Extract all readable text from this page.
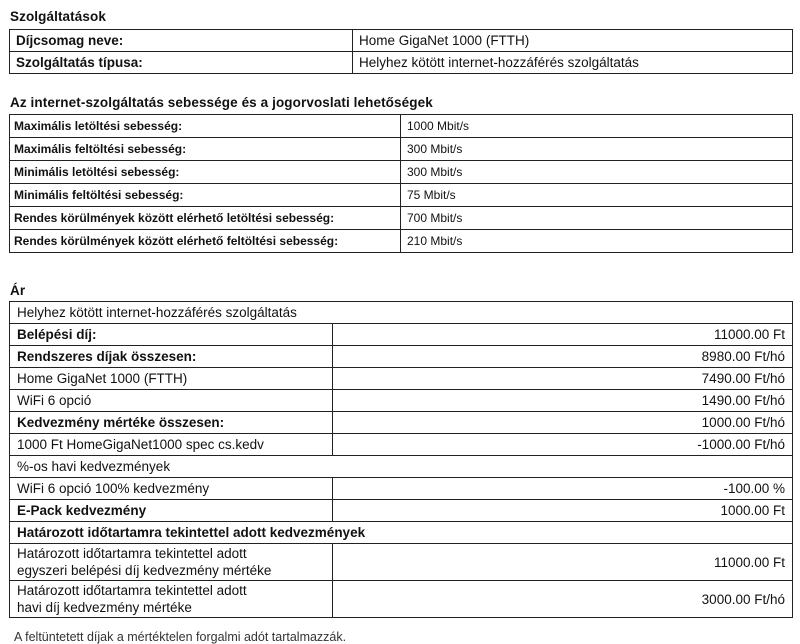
Szolgáltatások
Díjcsomag neve:	Home GigaNet 1000 (FTTH)
Szolgáltatás típusa:	Helyhez kötött internet-hozzáférés szolgáltatás
Az internet-szolgáltatás sebessége és a jogorvoslati lehetőségek
Maximális letöltési sebesség:	1000 Mbit/s
Maximális feltöltési sebesség:	300 Mbit/s
Minimális letöltési sebesség:	300 Mbit/s
Minimális feltöltési sebesség:	75 Mbit/s
Rendes körülmények között elérhető letöltési sebesség:	700 Mbit/s
Rendes körülmények között elérhető feltöltési sebesség:	210 Mbit/s
Ár
Helyhez kötött internet-hozzáférés szolgáltatás	
Belépési díj:	11000.00 Ft
Rendszeres díjak összesen:	8980.00 Ft/hó
Home GigaNet 1000 (FTTH)	7490.00 Ft/hó
WiFi 6 opció	1490.00 Ft/hó
Kedvezmény mértéke összesen:	1000.00 Ft/hó
1000 Ft HomeGigaNet1000 spec cs.kedv	-1000.00 Ft/hó
%-os havi kedvezmények	
WiFi 6 opció 100% kedvezmény	-100.00 %
E-Pack kedvezmény	1000.00 Ft
Határozott időtartamra tekintettel adott kedvezmények	
Határozott időtartamra tekintettel adott
egyszeri belépési díj kedvezmény mértéke	11000.00 Ft
Határozott időtartamra tekintettel adott
havi díj kedvezmény mértéke	3000.00 Ft/hó
A feltüntetett díjak a mértéktelen forgalmi adót tartalmazzák.
